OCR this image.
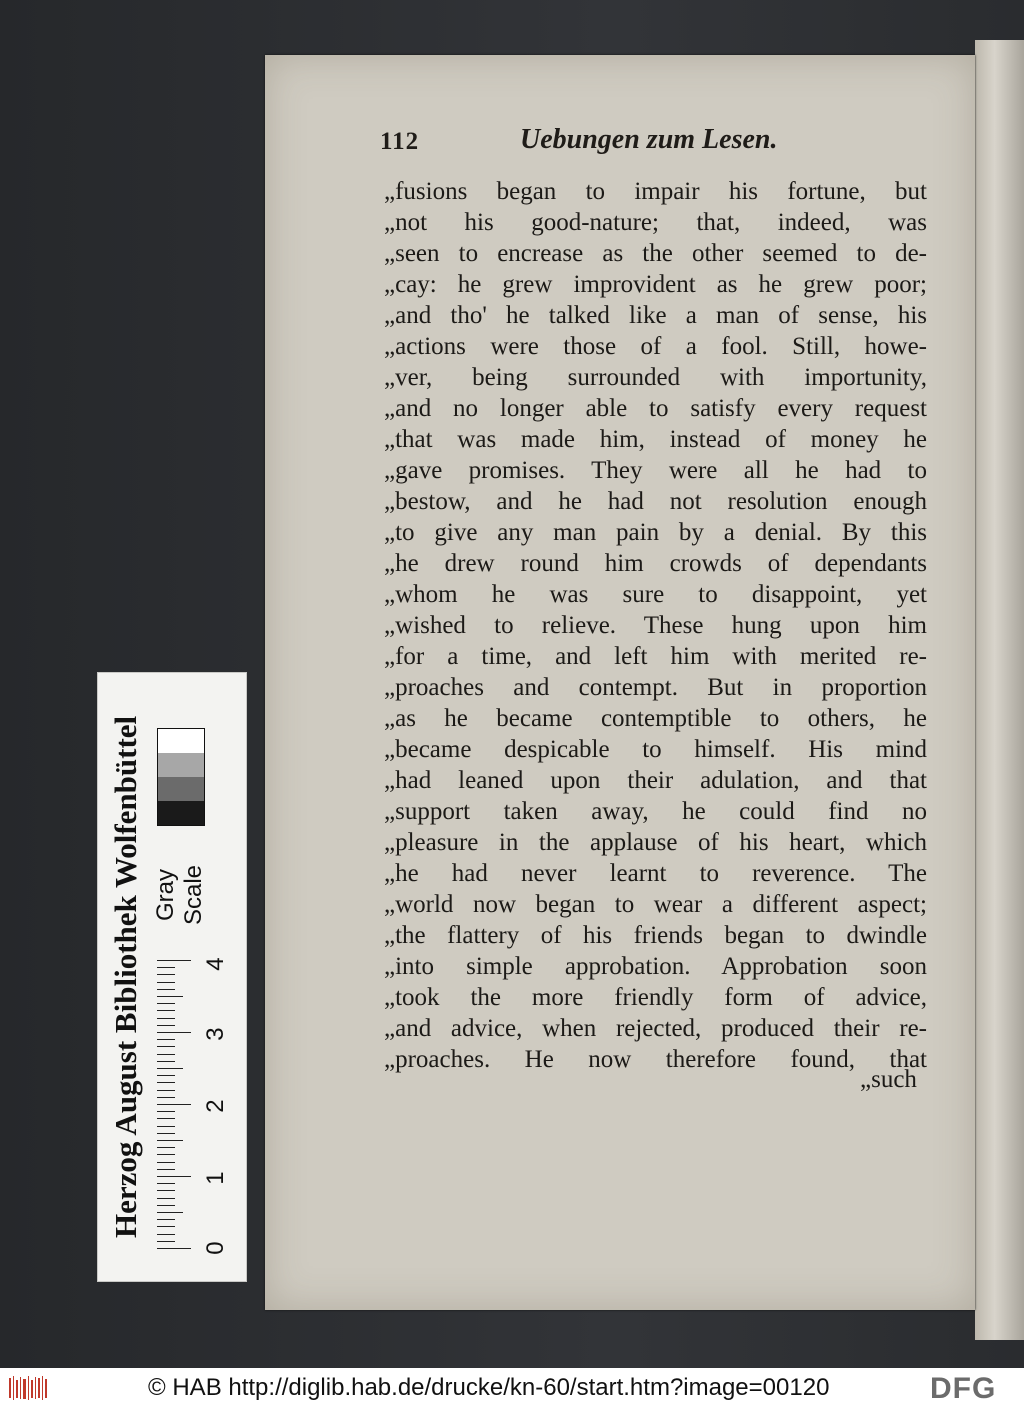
112	Uebungen zum Lesen.
„fusions began to impair his fortune, but
„not his good-nature; that, indeed, was
„seen to encrease as the other seemed to de-
„cay: he grew improvident as he grew poor;
„and tho' he talked like a man of sense, his
„actions were those of a fool. Still, howe-
„ver, being surrounded with importunity,
„and no longer able to satisfy every request
„that was made him, instead of money he
„gave promises. They were all he had to
„bestow, and he had not resolution enough
„to give any man pain by a denial. By this
„he drew round him crowds of dependants
„whom he was sure to disappoint, yet
„wished to relieve. These hung upon him
„for a time, and left him with merited re-
„proaches and contempt. But in proportion
„as he became contemptible to others, he
„became despicable to himself. His mind
„had leaned upon their adulation, and that
„support taken away, he could find no
„pleasure in the applause of his heart, which
„he had never learnt to reverence. The
„world now began to wear a different aspect;
„the flattery of his friends began to dwindle
„into simple approbation. Approbation soon
„took the more friendly form of advice,
„and advice, when rejected, produced their re-
„proaches. He now therefore found, that
„such
Herzog August Bibliothek Wolfenbüttel Gray Scale
0
1
2
3
4
© HAB http://diglib.hab.de/drucke/kn-60/start.htm?image=00120	DFG
